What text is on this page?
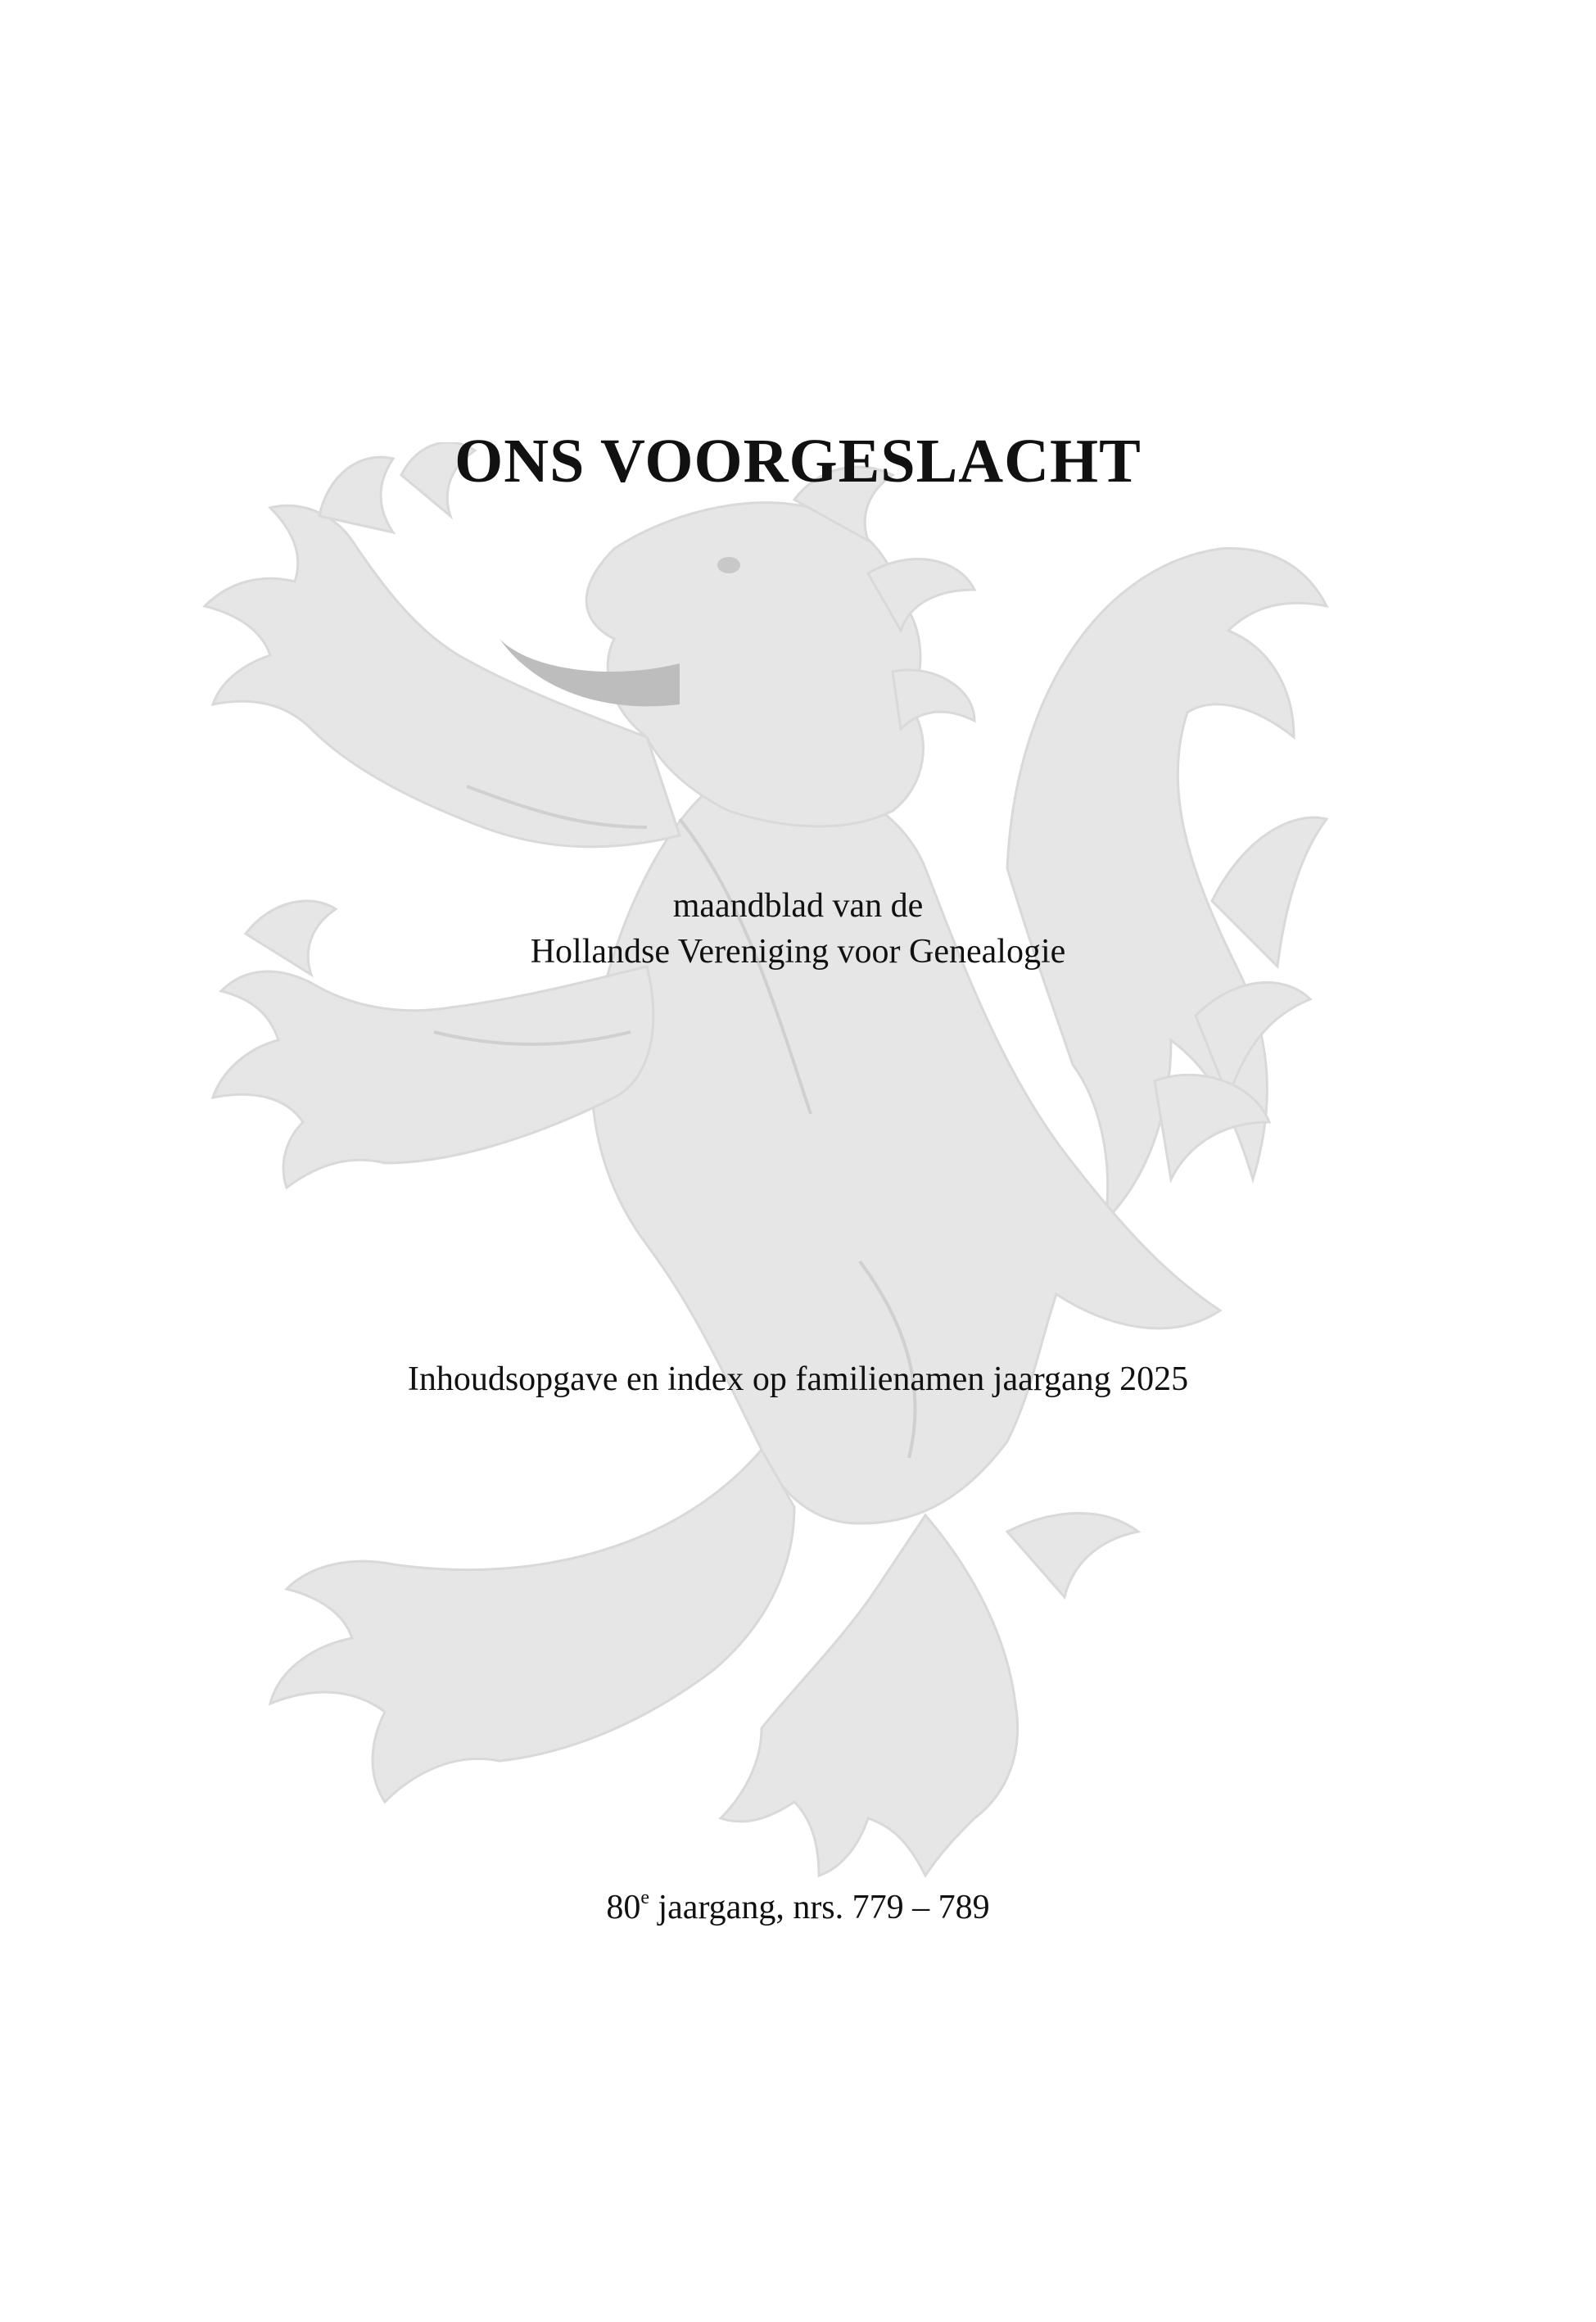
ONS VOORGESLACHT
maandblad van de
Hollandse Vereniging voor Genealogie
Inhoudsopgave en index op familienamen jaargang 2025
80e jaargang, nrs. 779 – 789
